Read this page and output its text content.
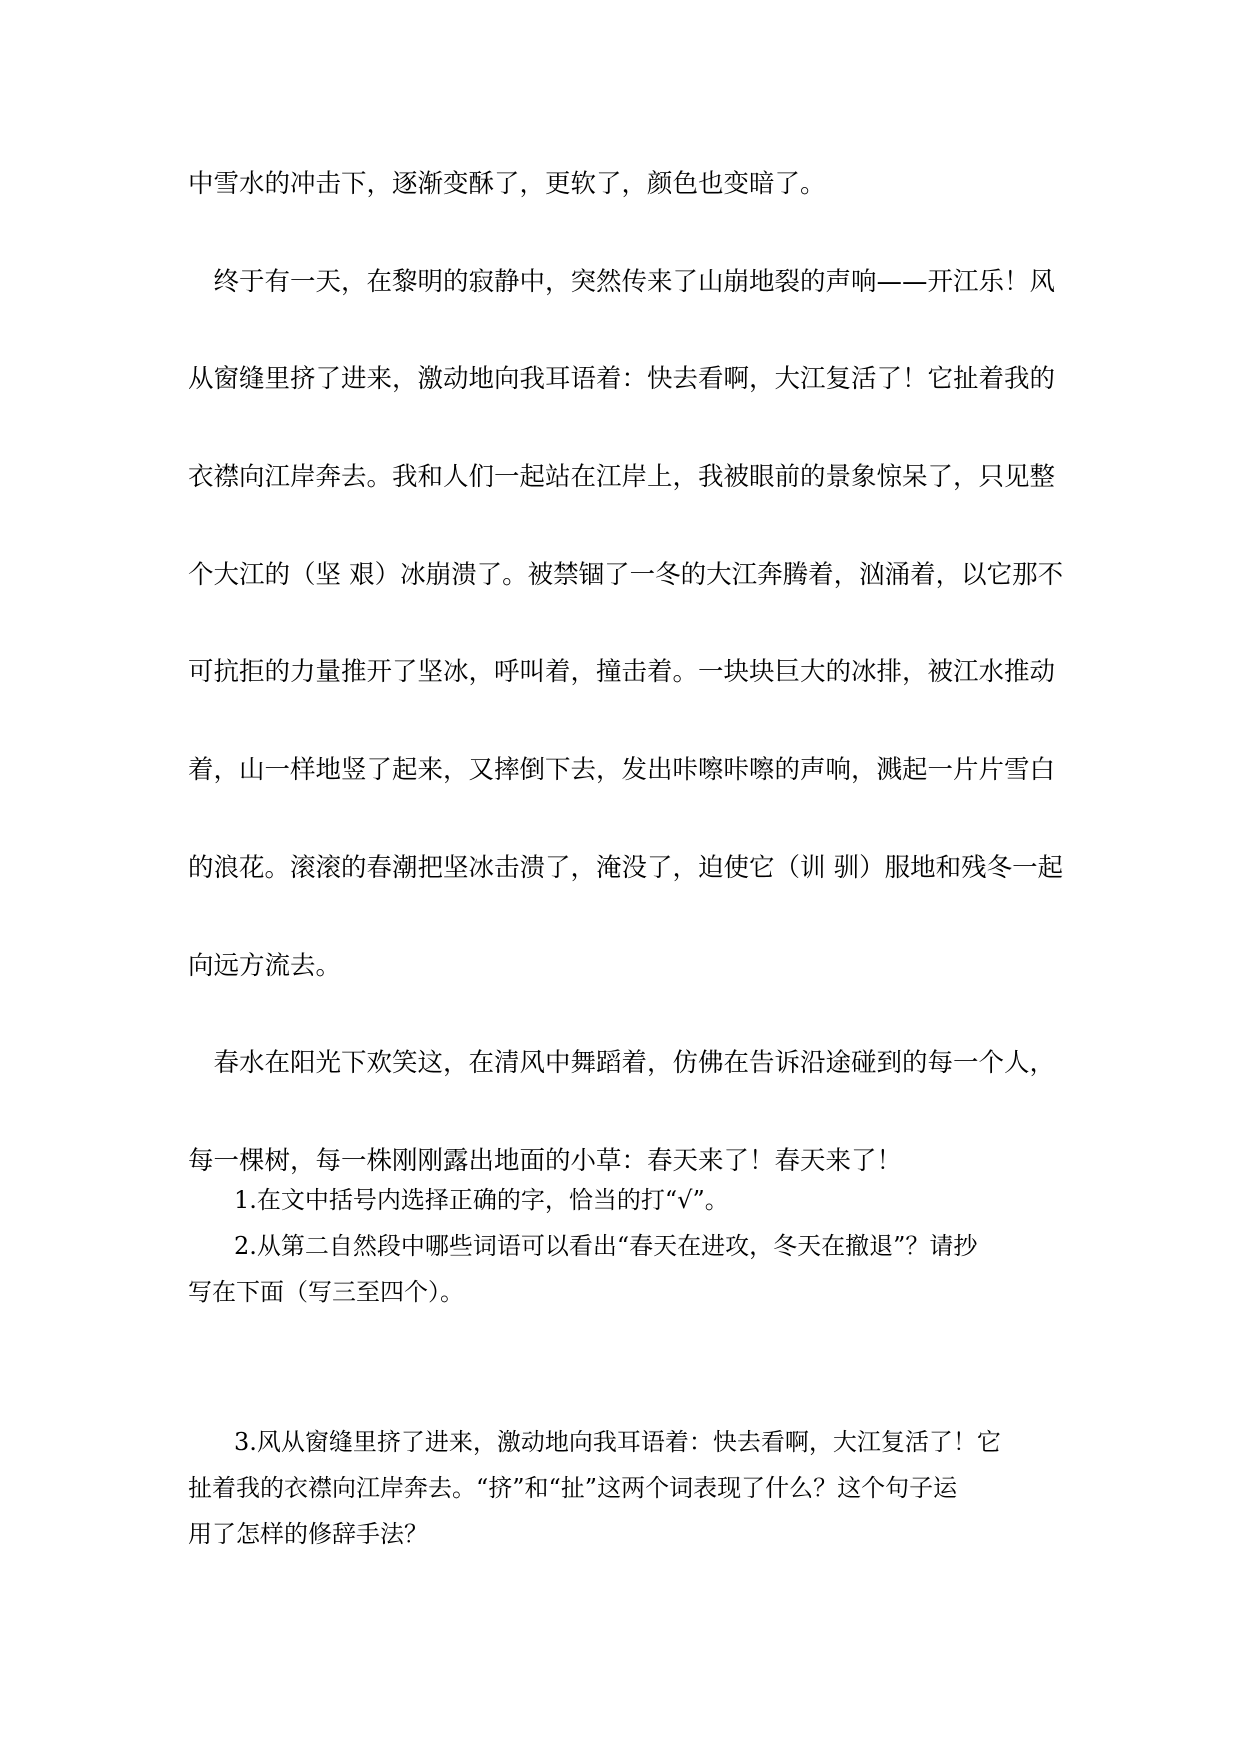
中雪水的冲击下，逐渐变酥了，更软了，颜色也变暗了。
　终于有一天，在黎明的寂静中，突然传来了山崩地裂的声响——开江乐！风
从窗缝里挤了进来，激动地向我耳语着：快去看啊，大江复活了！它扯着我的
衣襟向江岸奔去。我和人们一起站在江岸上，我被眼前的景象惊呆了，只见整
个大江的（坚 艰）冰崩溃了。被禁锢了一冬的大江奔腾着，汹涌着，以它那不
可抗拒的力量推开了坚冰，呼叫着，撞击着。一块块巨大的冰排，被江水推动
着，山一样地竖了起来，又摔倒下去，发出咔嚓咔嚓的声响，溅起一片片雪白
的浪花。滚滚的春潮把坚冰击溃了，淹没了，迫使它（训 驯）服地和残冬一起
向远方流去。
　春水在阳光下欢笑这，在清风中舞蹈着，仿佛在告诉沿途碰到的每一个人，
每一棵树，每一株刚刚露出地面的小草：春天来了！春天来了！
1.在文中括号内选择正确的字，恰当的打“√”。
2.从第二自然段中哪些词语可以看出“春天在进攻，冬天在撤退”？请抄
写在下面（写三至四个）。
3.风从窗缝里挤了进来，激动地向我耳语着：快去看啊，大江复活了！它
扯着我的衣襟向江岸奔去。“挤”和“扯”这两个词表现了什么？这个句子运
用了怎样的修辞手法？
